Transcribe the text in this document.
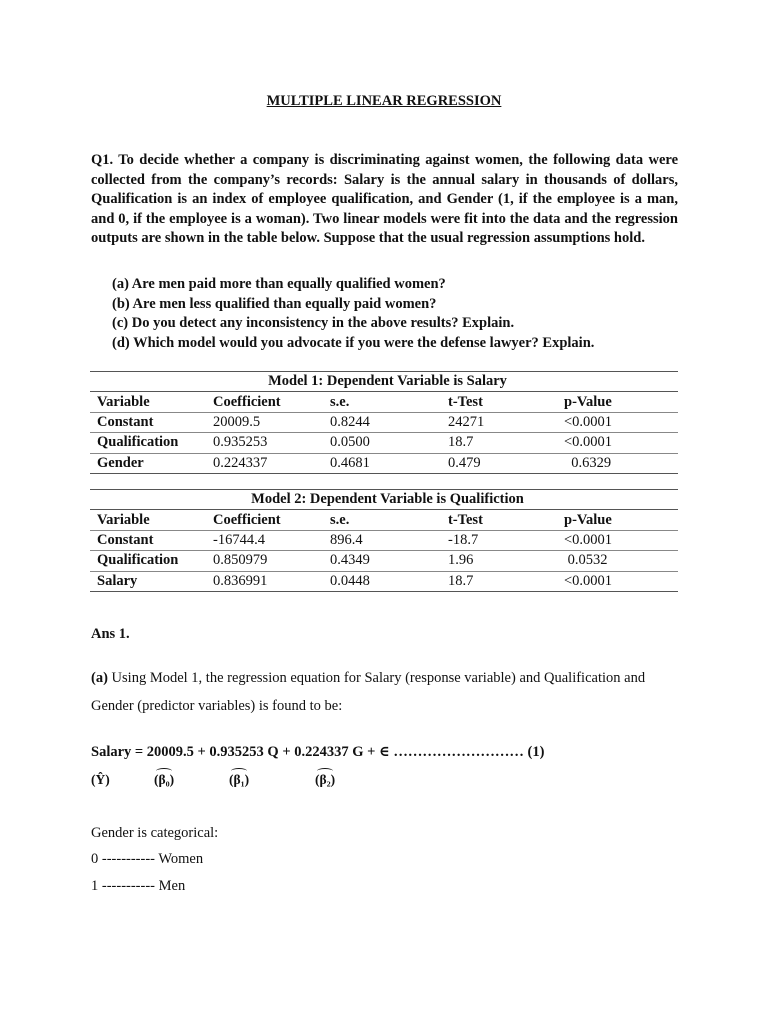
MULTIPLE LINEAR REGRESSION
Q1. To decide whether a company is discriminating against women, the following data were collected from the company’s records: Salary is the annual salary in thousands of dollars, Qualification is an index of employee qualification, and Gender (1, if the employee is a man, and 0, if the employee is a woman). Two linear models were fit into the data and the regression outputs are shown in the table below. Suppose that the usual regression assumptions hold.
(a) Are men paid more than equally qualified women?
(b) Are men less qualified than equally paid women?
(c) Do you detect any inconsistency in the above results? Explain.
(d) Which model would you advocate if you were the defense lawyer? Explain.
Model 1: Dependent Variable is Salary				
Variable	Coefficient	s.e.	t-Test	p-Value
Constant	20009.5	0.8244	24271	<0.0001
Qualification	0.935253	0.0500	18.7	<0.0001
Gender	0.224337	0.4681	0.479	0.6329
Model 2: Dependent Variable is Qualifiction				
Variable	Coefficient	s.e.	t-Test	p-Value
Constant	-16744.4	896.4	-18.7	<0.0001
Qualification	0.850979	0.4349	1.96	0.0532
Salary	0.836991	0.0448	18.7	<0.0001
Ans 1.
(a) Using Model 1, the regression equation for Salary (response variable) and Qualification and Gender (predictor variables) is found to be:
Salary = 20009.5 + 0.935253 Q + 0.224337 G + ∈ ……………………… (1)
(Ŷ)	(β₀)	(β₁)	(β₂)
Gender is categorical:
0 ----------- Women
1 ----------- Men
